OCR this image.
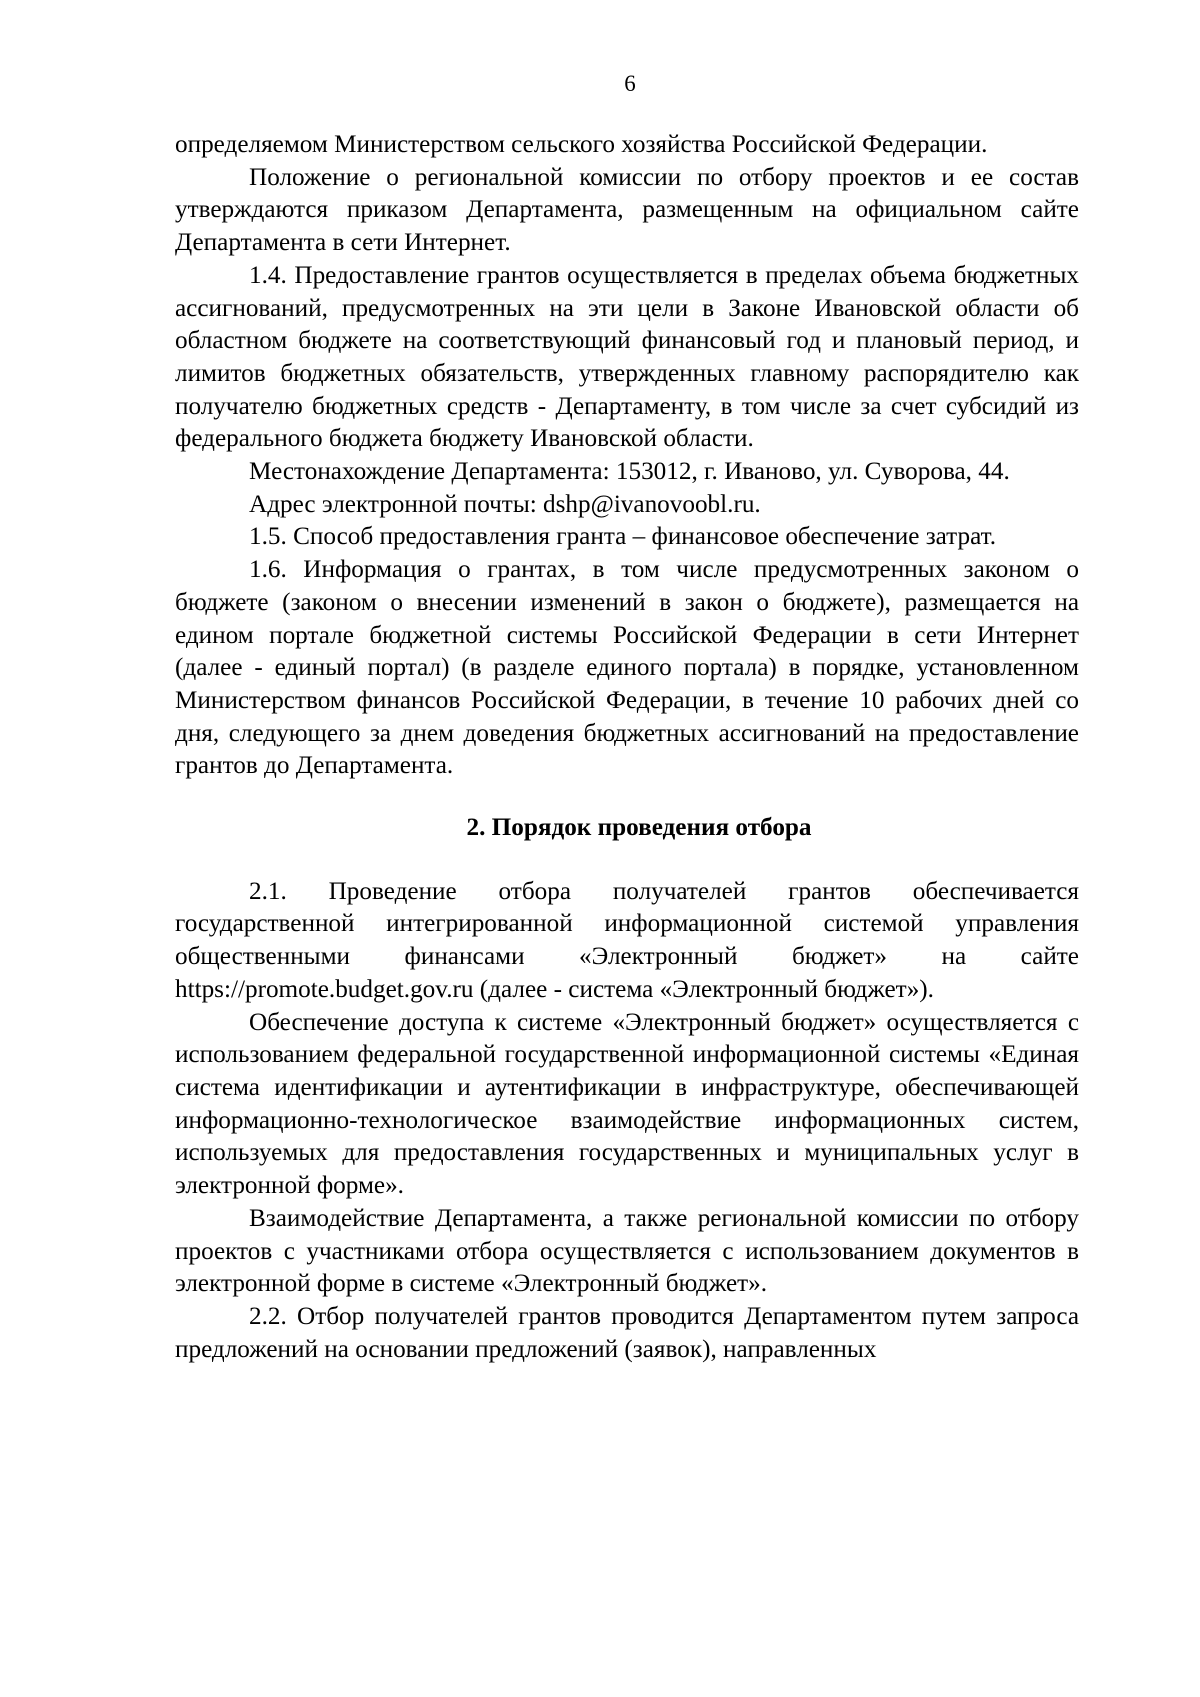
6

определяемом Министерством сельского хозяйства Российской Федерации.

Положение о региональной комиссии по отбору проектов и ее состав утверждаются приказом Департамента, размещенным на официальном сайте Департамента в сети Интернет.

1.4. Предоставление грантов осуществляется в пределах объема бюджетных ассигнований, предусмотренных на эти цели в Законе Ивановской области об областном бюджете на соответствующий финансовый год и плановый период, и лимитов бюджетных обязательств, утвержденных главному распорядителю как получателю бюджетных средств - Департаменту, в том числе за счет субсидий из федерального бюджета бюджету Ивановской области.

Местонахождение Департамента: 153012, г. Иваново, ул. Суворова, 44.

Адрес электронной почты: dshp@ivanovoobl.ru.

1.5. Способ предоставления гранта – финансовое обеспечение затрат.

1.6. Информация о грантах, в том числе предусмотренных законом о бюджете (законом о внесении изменений в закон о бюджете), размещается на едином портале бюджетной системы Российской Федерации в сети Интернет (далее - единый портал) (в разделе единого портала) в порядке, установленном Министерством финансов Российской Федерации, в течение 10 рабочих дней со дня, следующего за днем доведения бюджетных ассигнований на предоставление грантов до Департамента.

2. Порядок проведения отбора

2.1. Проведение отбора получателей грантов обеспечивается государственной интегрированной информационной системой управления общественными финансами «Электронный бюджет» на сайте https://promote.budget.gov.ru (далее - система «Электронный бюджет»).

Обеспечение доступа к системе «Электронный бюджет» осуществляется с использованием федеральной государственной информационной системы «Единая система идентификации и аутентификации в инфраструктуре, обеспечивающей информационно-технологическое взаимодействие информационных систем, используемых для предоставления государственных и муниципальных услуг в электронной форме».

Взаимодействие Департамента, а также региональной комиссии по отбору проектов с участниками отбора осуществляется с использованием документов в электронной форме в системе «Электронный бюджет».

2.2. Отбор получателей грантов проводится Департаментом путем запроса предложений на основании предложений (заявок), направленных
